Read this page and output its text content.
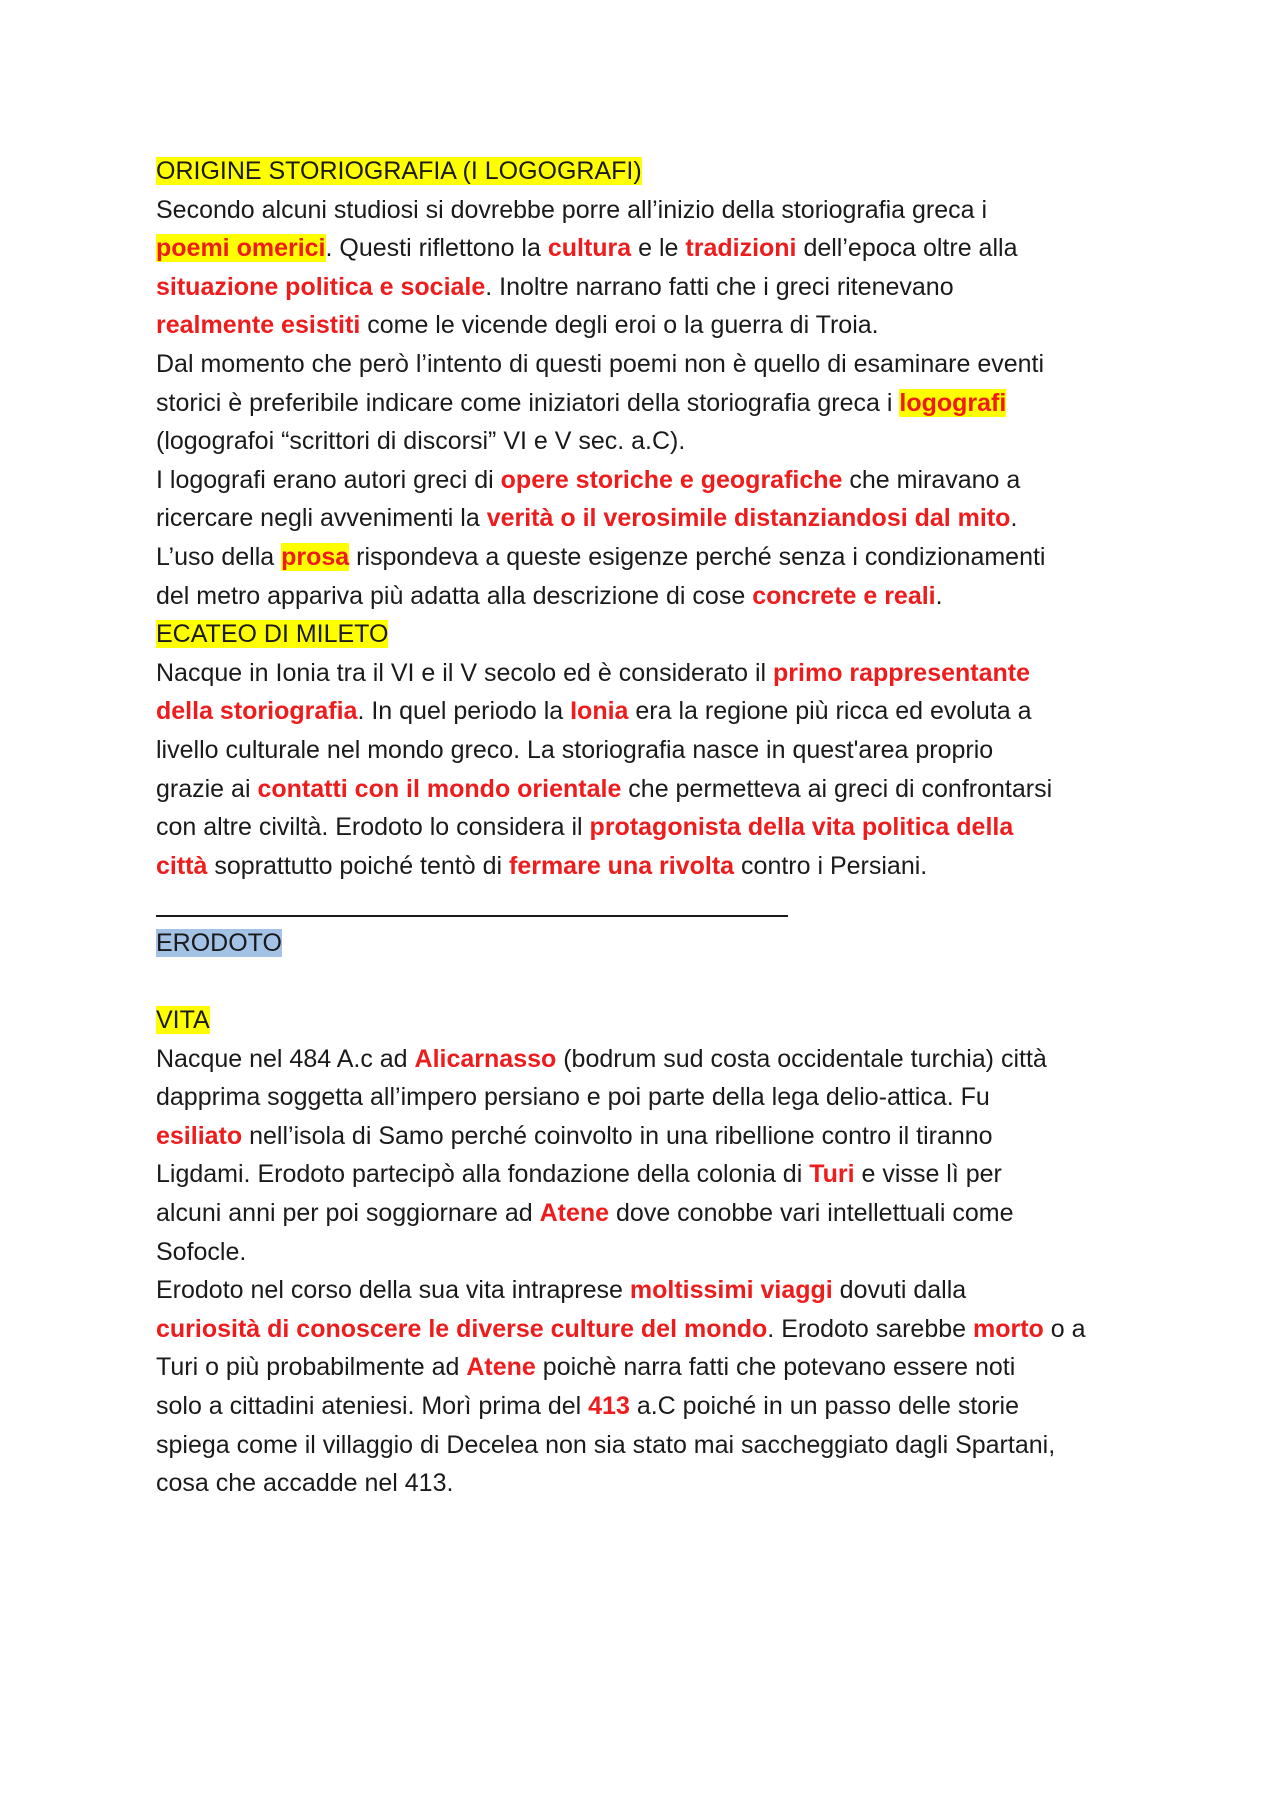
ORIGINE STORIOGRAFIA (I LOGOGRAFI)
Secondo alcuni studiosi si dovrebbe porre all’inizio della storiografia greca i
poemi omerici. Questi riflettono la cultura e le tradizioni dell’epoca oltre alla
situazione politica e sociale. Inoltre narrano fatti che i greci ritenevano
realmente esistiti come le vicende degli eroi o la guerra di Troia.
Dal momento che però l’intento di questi poemi non è quello di esaminare eventi
storici è preferibile indicare come iniziatori della storiografia greca i logografi
(logografoi “scrittori di discorsi” VI e V sec. a.C).
I logografi erano autori greci di opere storiche e geografiche che miravano a
ricercare negli avvenimenti la verità o il verosimile distanziandosi dal mito.
L’uso della prosa rispondeva a queste esigenze perché senza i condizionamenti
del metro appariva più adatta alla descrizione di cose concrete e reali.
ECATEO DI MILETO
Nacque in Ionia tra il VI e il V secolo ed è considerato il primo rappresentante
della storiografia. In quel periodo la Ionia era la regione più ricca ed evoluta a
livello culturale nel mondo greco. La storiografia nasce in quest'area proprio
grazie ai contatti con il mondo orientale che permetteva ai greci di confrontarsi
con altre civiltà. Erodoto lo considera il protagonista della vita politica della
città soprattutto poiché tentò di fermare una rivolta contro i Persiani.
ERODOTO
VITA
Nacque nel 484 A.c ad Alicarnasso (bodrum sud costa occidentale turchia) città
dapprima soggetta all’impero persiano e poi parte della lega delio-attica. Fu
esiliato nell’isola di Samo perché coinvolto in una ribellione contro il tiranno
Ligdami. Erodoto partecipò alla fondazione della colonia di Turi e visse lì per
alcuni anni per poi soggiornare ad Atene dove conobbe vari intellettuali come
Sofocle.
Erodoto nel corso della sua vita intraprese moltissimi viaggi dovuti dalla
curiosità di conoscere le diverse culture del mondo. Erodoto sarebbe morto o a
Turi o più probabilmente ad Atene poichè narra fatti che potevano essere noti
solo a cittadini ateniesi. Morì prima del 413 a.C poiché in un passo delle storie
spiega come il villaggio di Decelea non sia stato mai saccheggiato dagli Spartani,
cosa che accadde nel 413.
